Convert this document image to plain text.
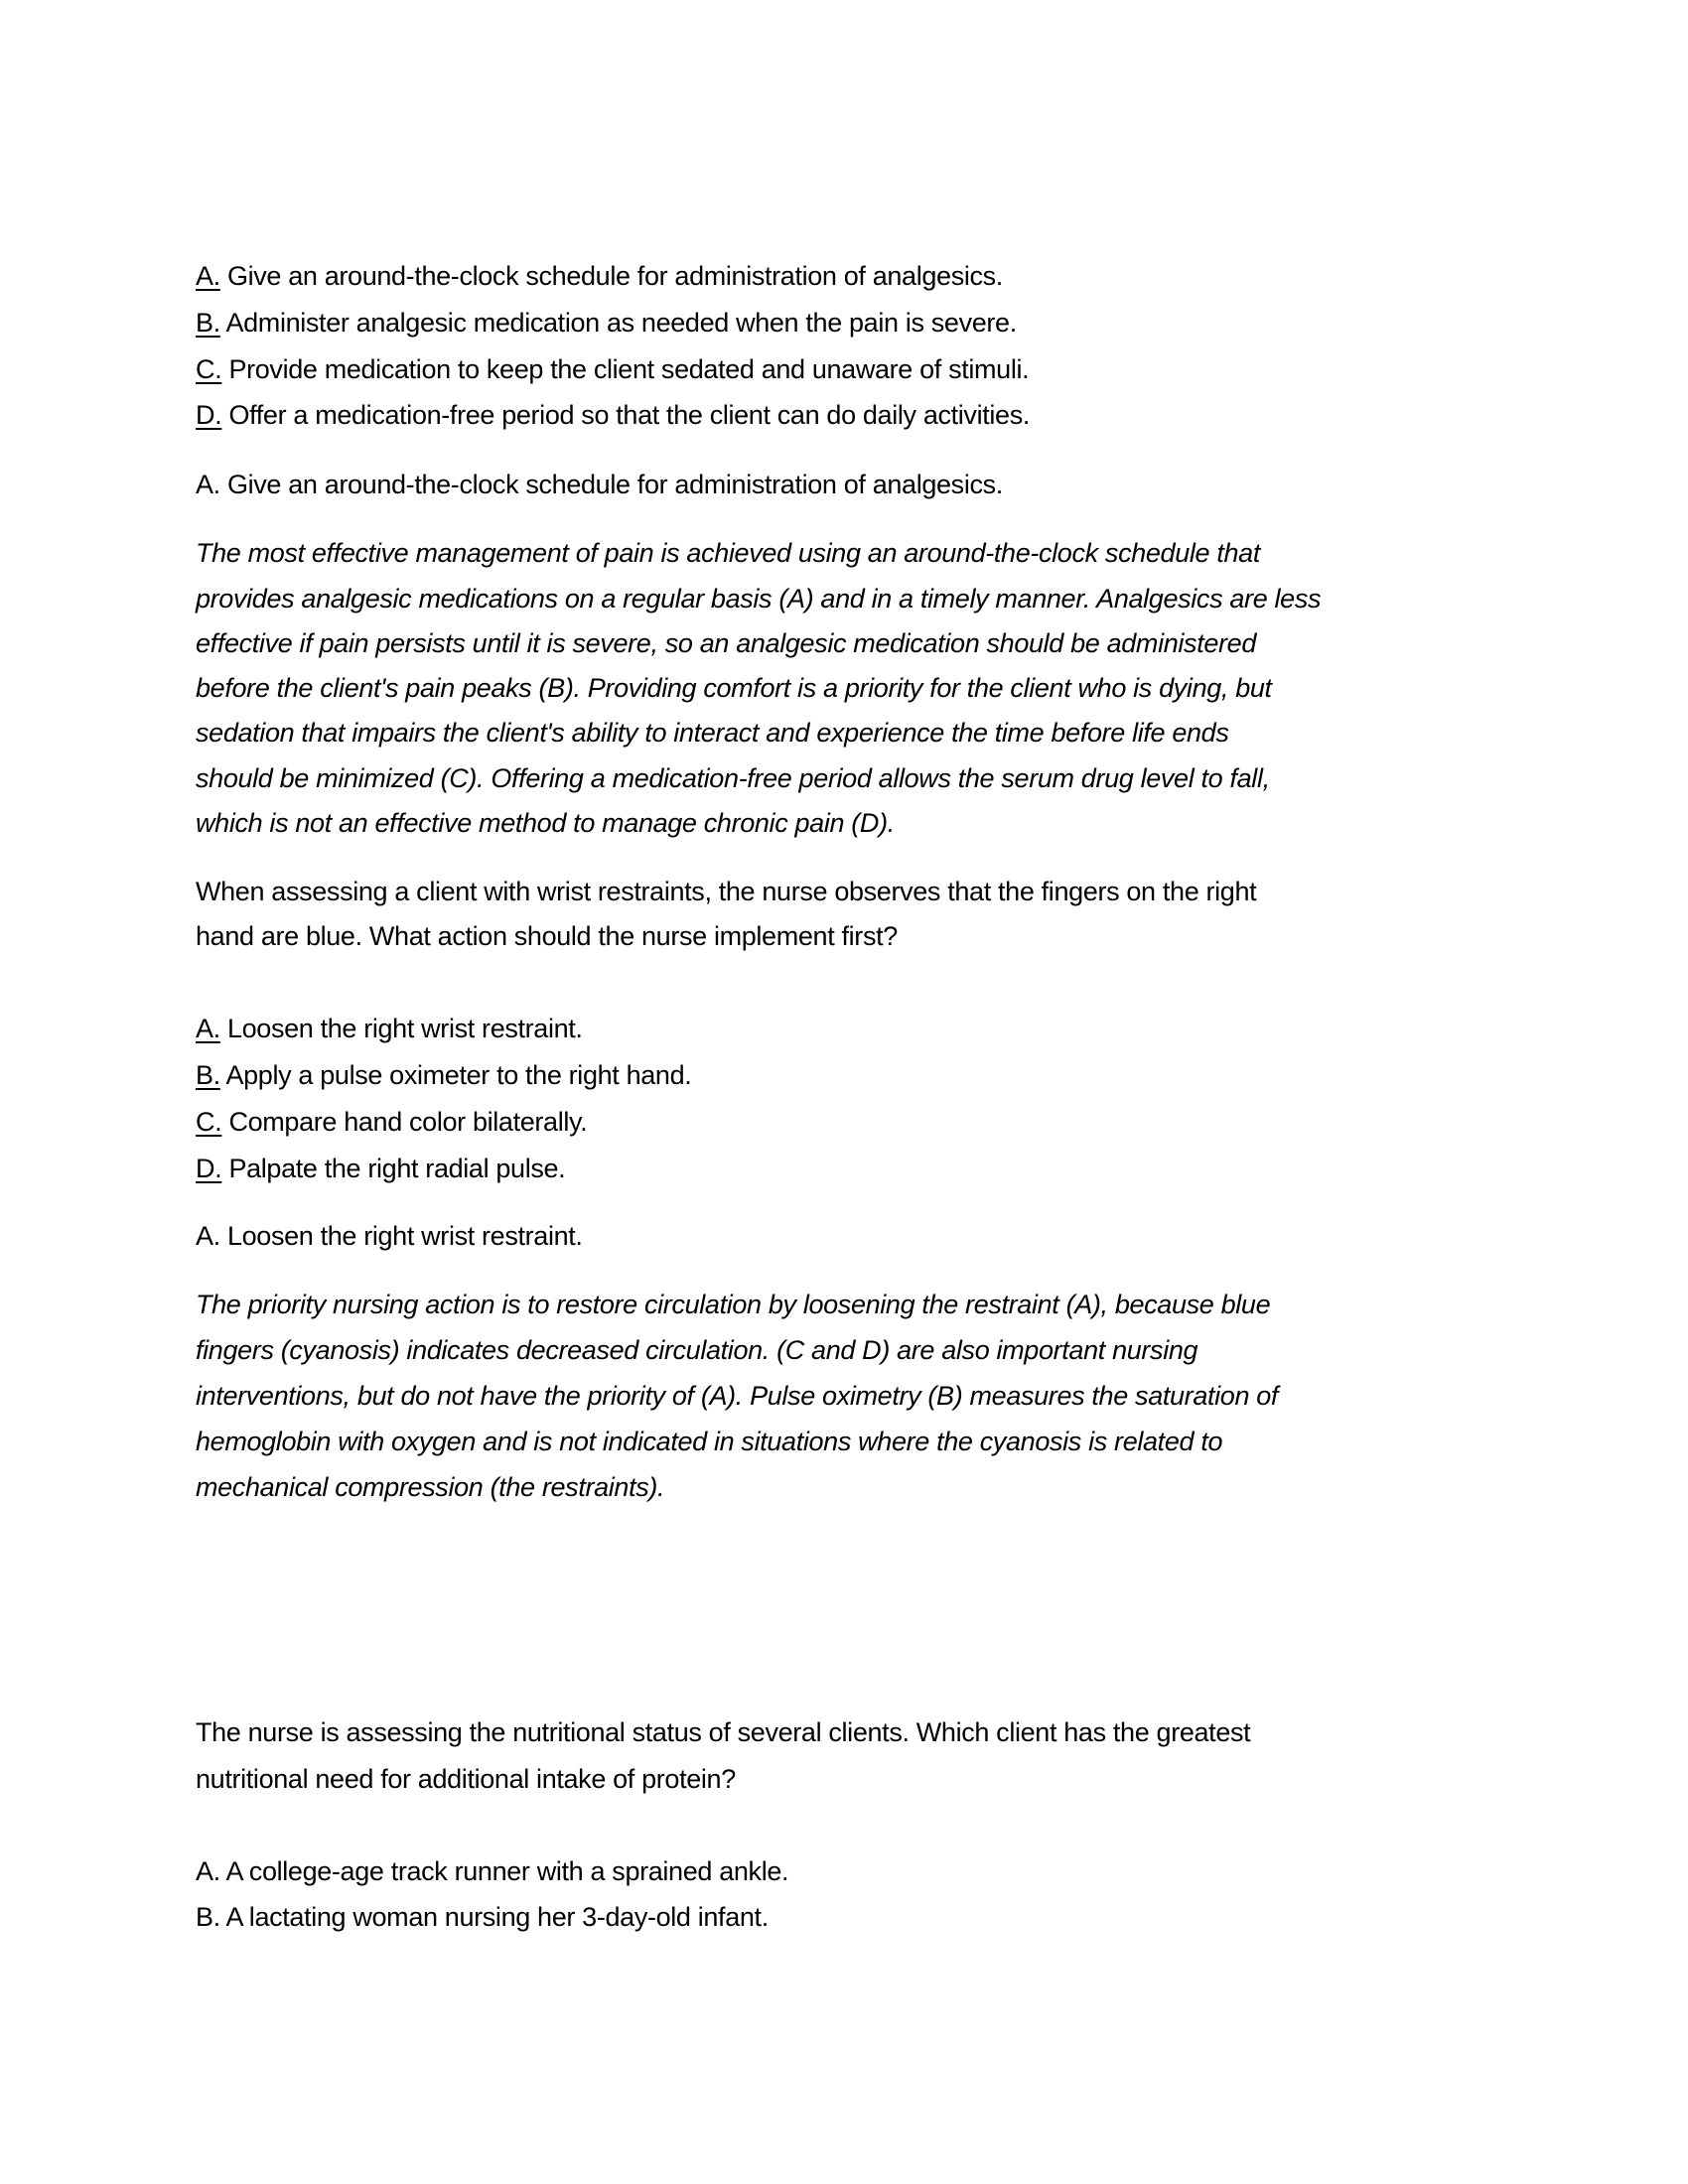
A. Give an around-the-clock schedule for administration of analgesics.
B. Administer analgesic medication as needed when the pain is severe.
C. Provide medication to keep the client sedated and unaware of stimuli.
D. Offer a medication-free period so that the client can do daily activities.
A. Give an around-the-clock schedule for administration of analgesics.
The most effective management of pain is achieved using an around-the-clock schedule that
provides analgesic medications on a regular basis (A) and in a timely manner. Analgesics are less
effective if pain persists until it is severe, so an analgesic medication should be administered
before the client's pain peaks (B). Providing comfort is a priority for the client who is dying, but
sedation that impairs the client's ability to interact and experience the time before life ends
should be minimized (C). Offering a medication-free period allows the serum drug level to fall,
which is not an effective method to manage chronic pain (D).
When assessing a client with wrist restraints, the nurse observes that the fingers on the right
hand are blue. What action should the nurse implement first?
A. Loosen the right wrist restraint.
B. Apply a pulse oximeter to the right hand.
C. Compare hand color bilaterally.
D. Palpate the right radial pulse.
A. Loosen the right wrist restraint.
The priority nursing action is to restore circulation by loosening the restraint (A), because blue
fingers (cyanosis) indicates decreased circulation. (C and D) are also important nursing
interventions, but do not have the priority of (A). Pulse oximetry (B) measures the saturation of
hemoglobin with oxygen and is not indicated in situations where the cyanosis is related to
mechanical compression (the restraints).
The nurse is assessing the nutritional status of several clients. Which client has the greatest
nutritional need for additional intake of protein?
A. A college-age track runner with a sprained ankle.
B. A lactating woman nursing her 3-day-old infant.
